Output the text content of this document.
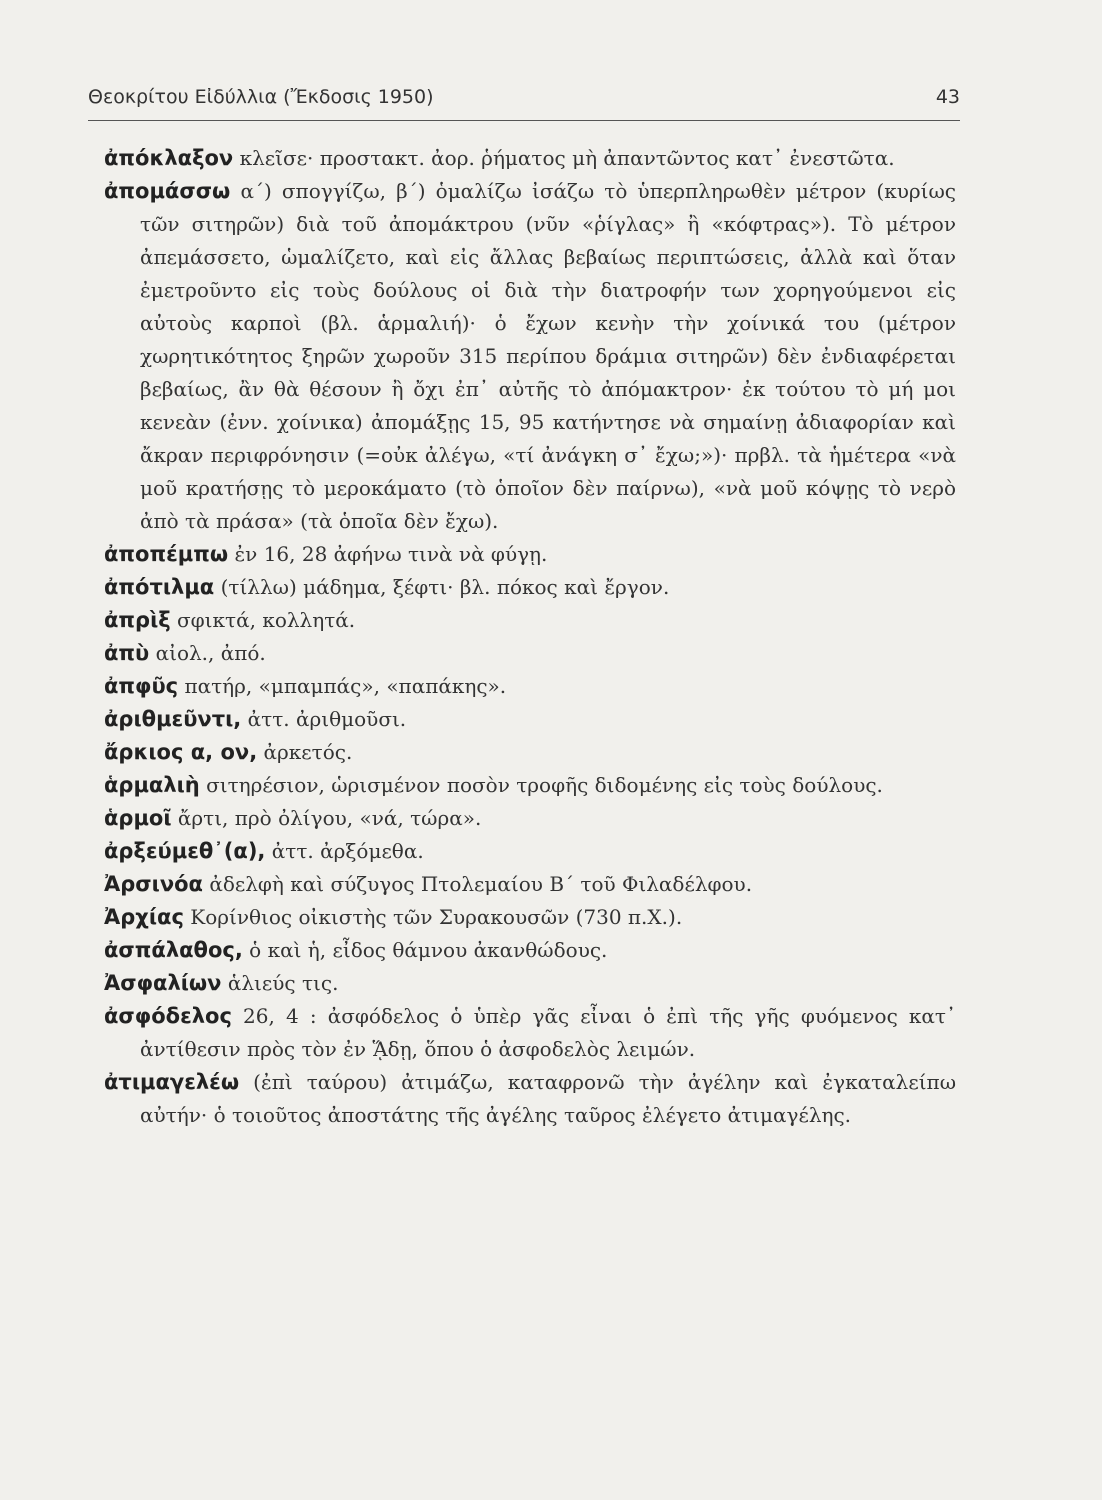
Θεοκρίτου Εἰδύλλια (Ἔκδοσις 1950)	43

ἀπόκλαξον κλεῖσε· προστακτ. ἀορ. ῥήματος μὴ ἀπαντῶντος κατ᾽ ἐνεστῶτα.

ἀπομάσσω α΄) σπογγίζω, β΄) ὁμαλίζω ἰσάζω τὸ ὑπερπληρωθὲν μέτρον (κυρίως τῶν σιτηρῶν) διὰ τοῦ ἀπομάκτρου (νῦν «ῥίγλας» ἢ «κόφτρας»). Τὸ μέτρον ἀπεμάσσετο, ὡμαλίζετο, καὶ εἰς ἄλλας βεβαίως περιπτώσεις, ἀλλὰ καὶ ὅταν ἐμετροῦντο εἰς τοὺς δούλους οἱ διὰ τὴν διατροφήν των χορηγούμενοι εἰς αὐτοὺς καρποὶ (βλ. ἁρμαλιή)· ὁ ἔχων κενὴν τὴν χοίνικά του (μέτρον χωρητικότητος ξηρῶν χωροῦν 315 περίπου δράμια σιτηρῶν) δὲν ἐνδιαφέρεται βεβαίως, ἂν θὰ θέσουν ἢ ὄχι ἐπ᾽ αὐτῆς τὸ ἀπόμακτρον· ἐκ τούτου τὸ μή μοι κενεὰν (ἐνν. χοίνικα) ἀπομάξῃς 15, 95 κατήντησε νὰ σημαίνῃ ἀδιαφορίαν καὶ ἄκραν περιφρόνησιν (=οὐκ ἀλέγω, «τί ἀνάγκη σ᾽ ἔχω;»)· πρβλ. τὰ ἡμέτερα «νὰ μοῦ κρατήσῃς τὸ μεροκάματο (τὸ ὁποῖον δὲν παίρνω), «νὰ μοῦ κόψῃς τὸ νερὸ ἀπὸ τὰ πράσα» (τὰ ὁποῖα δὲν ἔχω).

ἀποπέμπω ἐν 16, 28 ἀφήνω τινὰ νὰ φύγῃ.

ἀπότιλμα (τίλλω) μάδημα, ξέφτι· βλ. πόκος καὶ ἔργον.

ἀπρὶξ σφικτά, κολλητά.

ἀπὺ αἰολ., ἀπό.

ἀπφῦς πατήρ, «μπαμπάς», «παπάκης».

ἀριθμεῦντι, ἀττ. ἀριθμοῦσι.

ἄρκιος α, ον, ἀρκετός.

ἁρμαλιὴ σιτηρέσιον, ὡρισμένον ποσὸν τροφῆς διδομένης εἰς τοὺς δούλους.

ἁρμοῖ ἄρτι, πρὸ ὀλίγου, «νά, τώρα».

ἀρξεύμεθ᾽(α), ἀττ. ἀρξόμεθα.

Ἀρσινόα ἀδελφὴ καὶ σύζυγος Πτολεμαίου Β΄ τοῦ Φιλαδέλφου.

Ἀρχίας Κορίνθιος οἰκιστὴς τῶν Συρακουσῶν (730 π.Χ.).

ἀσπάλαθος, ὁ καὶ ἡ, εἶδος θάμνου ἀκανθώδους.

Ἀσφαλίων ἁλιεύς τις.

ἀσφόδελος 26, 4 : ἀσφόδελος ὁ ὑπὲρ γᾶς εἶναι ὁ ἐπὶ τῆς γῆς φυόμενος κατ᾽ ἀντίθεσιν πρὸς τὸν ἐν ᾍδῃ, ὅπου ὁ ἀσφοδελὸς λειμών.

ἀτιμαγελέω (ἐπὶ ταύρου) ἀτιμάζω, καταφρονῶ τὴν ἀγέλην καὶ ἐγκαταλείπω αὐτήν· ὁ τοιοῦτος ἀποστάτης τῆς ἀγέλης ταῦρος ἐλέγετο ἀτιμαγέλης.
